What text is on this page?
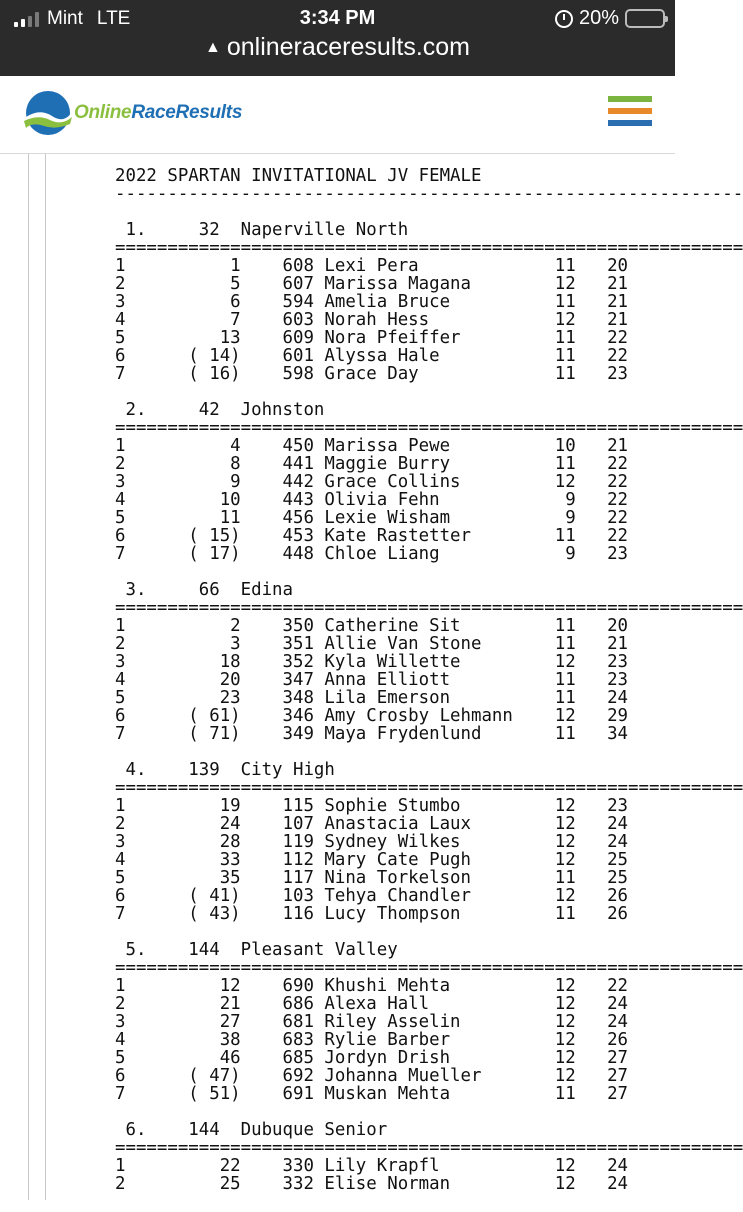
Mint LTE	3:34 PM	20%
▲ onlineraceresults.com
OnlineRaceResults
2022 SPARTAN INVITATIONAL JV FEMALE
------------------------------------------------------------

1.     32  Naperville North
============================================================
1          1    608 Lexi Pera             11   20
2          5    607 Marissa Magana        12   21
3          6    594 Amelia Bruce          11   21
4          7    603 Norah Hess            12   21
5         13    609 Nora Pfeiffer         11   22
6      ( 14)    601 Alyssa Hale           11   22
7      ( 16)    598 Grace Day             11   23

2.     42  Johnston
============================================================
1          4    450 Marissa Pewe          10   21
2          8    441 Maggie Burry          11   22
3          9    442 Grace Collins         12   22
4         10    443 Olivia Fehn            9   22
5         11    456 Lexie Wisham           9   22
6      ( 15)    453 Kate Rastetter        11   22
7      ( 17)    448 Chloe Liang            9   23

3.     66  Edina
============================================================
1          2    350 Catherine Sit         11   20
2          3    351 Allie Van Stone       11   21
3         18    352 Kyla Willette         12   23
4         20    347 Anna Elliott          11   23
5         23    348 Lila Emerson          11   24
6      ( 61)    346 Amy Crosby Lehmann    12   29
7      ( 71)    349 Maya Frydenlund       11   34

4.    139  City High
============================================================
1         19    115 Sophie Stumbo         12   23
2         24    107 Anastacia Laux        12   24
3         28    119 Sydney Wilkes         12   24
4         33    112 Mary Cate Pugh        12   25
5         35    117 Nina Torkelson        11   25
6      ( 41)    103 Tehya Chandler        12   26
7      ( 43)    116 Lucy Thompson         11   26

5.    144  Pleasant Valley
============================================================
1         12    690 Khushi Mehta          12   22
2         21    686 Alexa Hall            12   24
3         27    681 Riley Asselin         12   24
4         38    683 Rylie Barber          12   26
5         46    685 Jordyn Drish          12   27
6      ( 47)    692 Johanna Mueller       12   27
7      ( 51)    691 Muskan Mehta          11   27

6.    144  Dubuque Senior
============================================================
1         22    330 Lily Krapfl           12   24
2         25    332 Elise Norman          12   24
